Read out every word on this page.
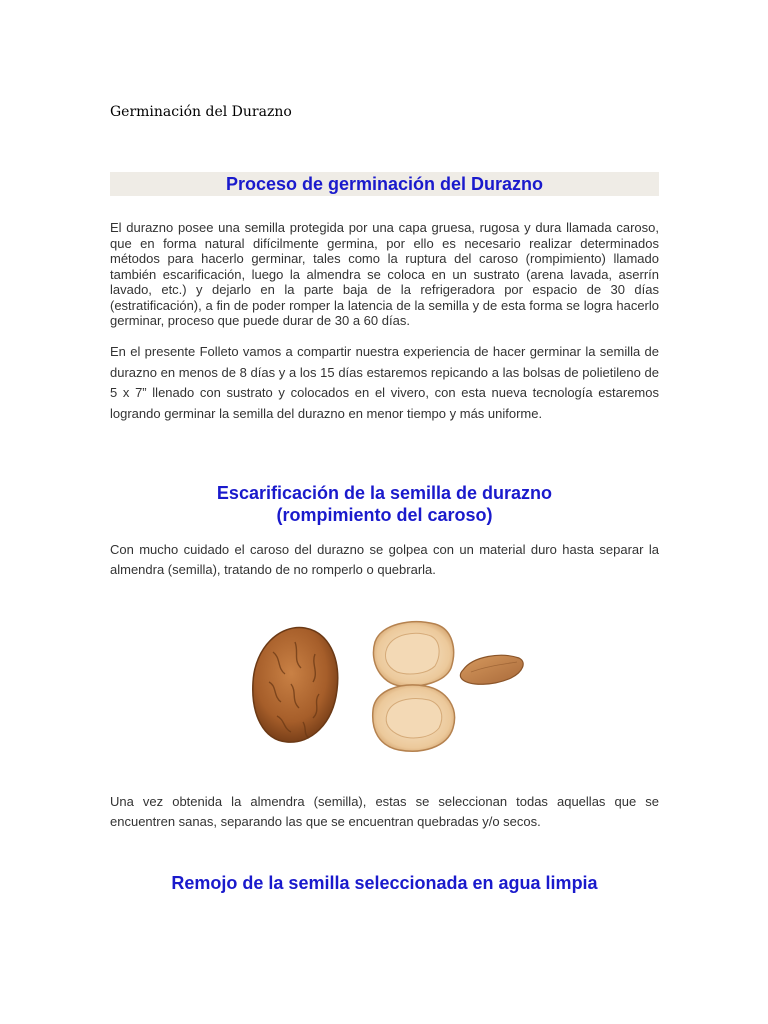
Germinación del Durazno
Proceso de germinación del Durazno

El durazno posee una semilla protegida por una capa gruesa, rugosa y dura llamada caroso, que en forma natural difícilmente germina, por ello es necesario realizar determinados métodos para hacerlo germinar, tales como la ruptura del caroso (rompimiento) llamado también escarificación, luego la almendra se coloca en un sustrato (arena lavada, aserrín lavado, etc.) y dejarlo en la parte baja de la refrigeradora por espacio de 30 días (estratificación), a fin de poder romper la latencia de la semilla y de esta forma se logra hacerlo germinar, proceso que puede durar de 30 a 60 días.

En el presente Folleto vamos a compartir nuestra experiencia de hacer germinar la semilla de durazno en menos de 8 días y a los 15 días estaremos repicando a las bolsas de polietileno de 5 x 7” llenado con sustrato y colocados en el vivero, con esta nueva tecnología estaremos logrando germinar la semilla del durazno en menor tiempo y más uniforme.

Escarificación de la semilla de durazno
(rompimiento del caroso)

Con mucho cuidado el caroso del durazno se golpea con un material duro hasta separar la almendra (semilla), tratando de no romperlo o quebrarla.

Una vez obtenida la almendra (semilla), estas se seleccionan todas aquellas que se encuentren sanas, separando las que se encuentran quebradas y/o secos.

Remojo de la semilla seleccionada en agua limpia
